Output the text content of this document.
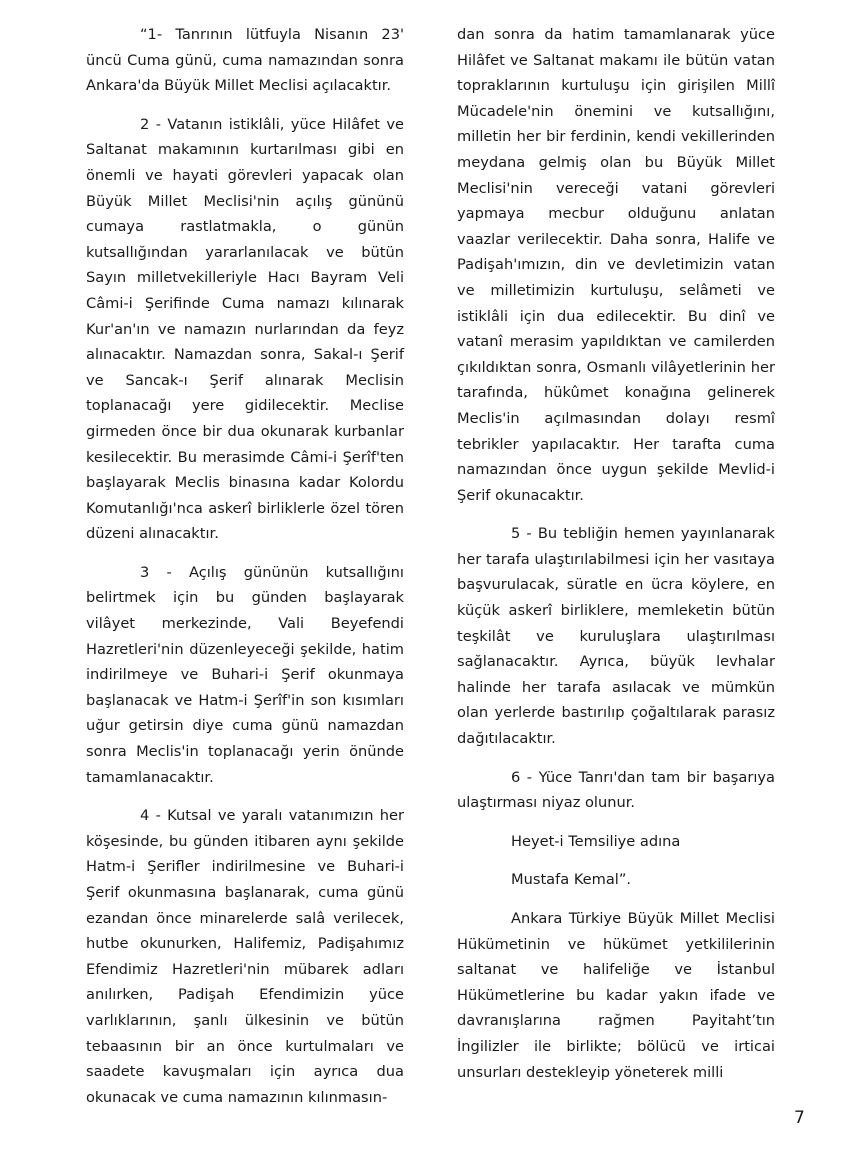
“1- Tanrının lütfuyla Nisanın 23' üncü Cuma günü, cuma namazından sonra Ankara'da Büyük Millet Meclisi açılacaktır.

2 - Vatanın istiklâli, yüce Hilâfet ve Saltanat makamının kurtarılması gibi en önemli ve hayati görevleri yapacak olan Büyük Millet Meclisi'nin açılış gününü cumaya rastlatmakla, o günün kutsallığından yararlanılacak ve bütün Sayın milletvekilleriyle Hacı Bayram Veli Câmi-i Şerifinde Cuma namazı kılınarak Kur'an'ın ve namazın nurlarından da feyz alınacaktır. Namazdan sonra, Sakal-ı Şerif ve Sancak-ı Şerif alınarak Meclisin toplanacağı yere gidilecektir. Meclise girmeden önce bir dua okunarak kurbanlar kesilecektir. Bu merasimde Câmi-i Şerîf'ten başlayarak Meclis binasına kadar Kolordu Komutanlığı'nca askerî birliklerle özel tören düzeni alınacaktır.

3 - Açılış gününün kutsallığını belirtmek için bu günden başlayarak vilâyet merkezinde, Vali Beyefendi Hazretleri'nin düzenleyeceği şekilde, hatim indirilmeye ve Buhari-i Şerif okunmaya başlanacak ve Hatm-i Şerîf'in son kısımları uğur getirsin diye cuma günü namazdan sonra Meclis'in toplanacağı yerin önünde tamamlanacaktır.

4 - Kutsal ve yaralı vatanımızın her köşesinde, bu günden itibaren aynı şekilde Hatm-i Şerifler indirilmesine ve Buhari-i Şerif okunmasına başlanarak, cuma günü ezandan önce minarelerde salâ verilecek, hutbe okunurken, Halifemiz, Padişahımız Efendimiz Hazretleri'nin mübarek adları anılırken, Padişah Efendimizin yüce varlıklarının, şanlı ülkesinin ve bütün tebaasının bir an önce kurtulmaları ve saadete kavuşmaları için ayrıca dua okunacak ve cuma namazının kılınmasın-

dan sonra da hatim tamamlanarak yüce Hilâfet ve Saltanat makamı ile bütün vatan topraklarının kurtuluşu için girişilen Millî Mücadele'nin önemini ve kutsallığını, milletin her bir ferdinin, kendi vekillerinden meydana gelmiş olan bu Büyük Millet Meclisi'nin vereceği vatani görevleri yapmaya mecbur olduğunu anlatan vaazlar verilecektir. Daha sonra, Halife ve Padişah'ımızın, din ve devletimizin vatan ve milletimizin kurtuluşu, selâmeti ve istiklâli için dua edilecektir. Bu dinî ve vatanî merasim yapıldıktan ve camilerden çıkıldıktan sonra, Osmanlı vilâyetlerinin her tarafında, hükûmet konağına gelinerek Meclis'in açılmasından dolayı resmî tebrikler yapılacaktır. Her tarafta cuma namazından önce uygun şekilde Mevlid-i Şerif okunacaktır.

5 - Bu tebliğin hemen yayınlanarak her tarafa ulaştırılabilmesi için her vasıtaya başvurulacak, süratle en ücra köylere, en küçük askerî birliklere, memleketin bütün teşkilât ve kuruluşlara ulaştırılması sağlanacaktır. Ayrıca, büyük levhalar halinde her tarafa asılacak ve mümkün olan yerlerde bastırılıp çoğaltılarak parasız dağıtılacaktır.

6 - Yüce Tanrı'dan tam bir başarıya ulaştırması niyaz olunur.

Heyet-i Temsiliye adına

Mustafa Kemal”.

Ankara Türkiye Büyük Millet Meclisi Hükümetinin ve hükümet yetkililerinin saltanat ve halifeliğe ve İstanbul Hükümetlerine bu kadar yakın ifade ve davranışlarına rağmen Payitaht’tın İngilizler ile birlikte; bölücü ve irticai unsurları destekleyip yöneterek milli

7
